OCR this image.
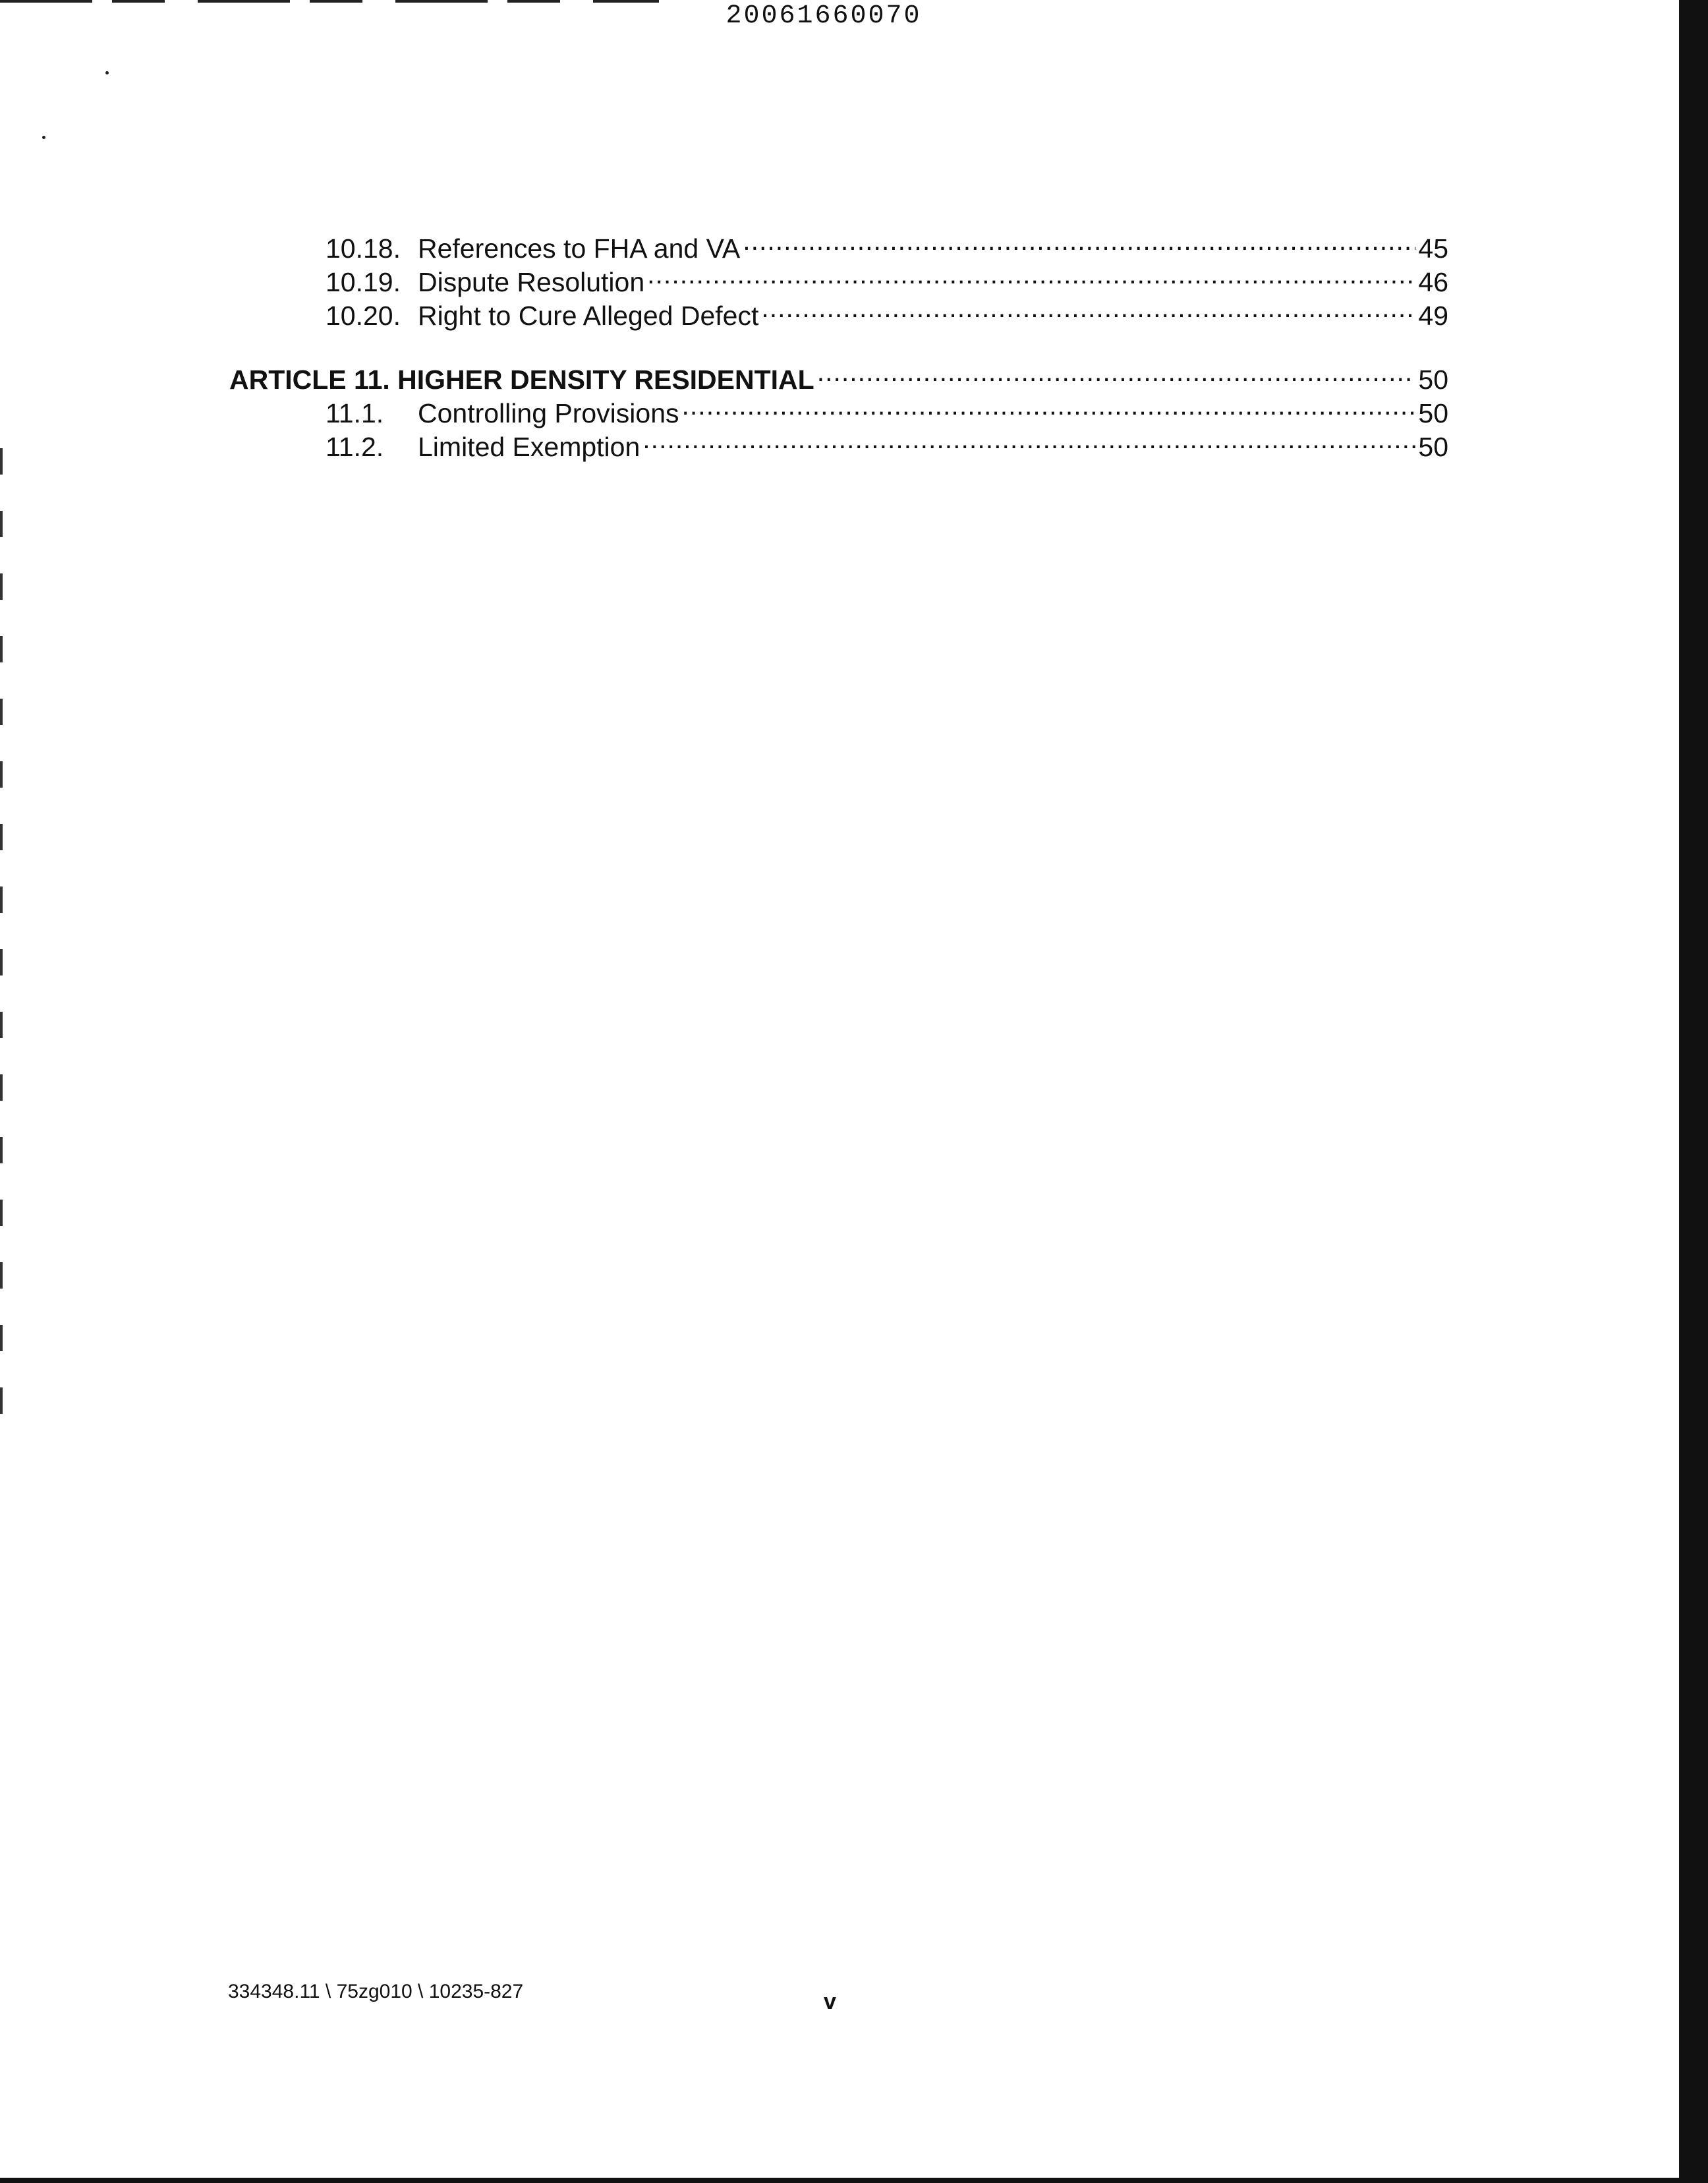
20061660070
10.18. References to FHA and VA .....	45
10.19. Dispute Resolution .....	46
10.20. Right to Cure Alleged Defect .....	49
ARTICLE 11. HIGHER DENSITY RESIDENTIAL .....	50
11.1.	Controlling Provisions .....	50
11.2.	Limited Exemption .....	50
334348.11 \ 75zg010 \ 10235-827	v
